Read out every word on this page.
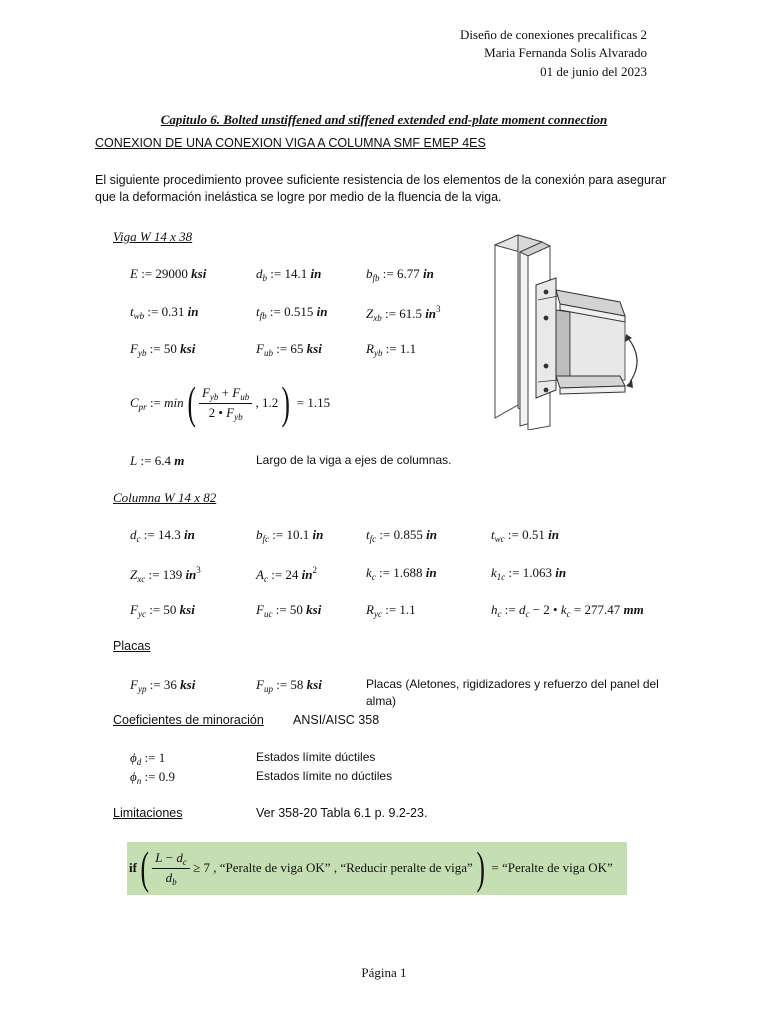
Diseño de conexiones precalificas 2
Maria Fernanda Solis Alvarado
01 de junio del 2023
Capitulo 6. Bolted unstiffened and stiffened extended end-plate moment connection
CONEXION DE UNA CONEXION VIGA A COLUMNA SMF EMEP 4ES
El siguiente procedimiento provee suficiente resistencia de los elementos de la conexión para asegurar que la deformación inelástica se logre por medio de la fluencia de la viga.
Viga W 14 x 38
E := 29000 ksi	$d_b$ := 14.1 in	$b_{fb}$ := 6.77 in
$t_{wb}$ := 0.31 in	$t_{fb}$ := 0.515 in	$Z_{xb}$ := 61.5 $in^3$
$F_{yb}$ := 50 ksi	$F_{ub}$ := 65 ksi	$R_{yb}$ := 1.1
$C_{pr}$ := $\min( \frac{F_{yb} + F_{ub}}{2 • F_{yb}}$ , 1.2) = 1.15
L := 6.4 m	Largo de la viga a ejes de columnas.
Columna W 14 x 82
$d_c$ := 14.3 in	$b_{fc}$ := 10.1 in	$t_{fc}$ := 0.855 in	$t_{wc}$ := 0.51 in
$Z_{xc}$ := 139 $in^3$	$A_c$ := 24 $in^2$	$k_c$ := 1.688 in	$k_{1c}$ := 1.063 in
$F_{yc}$ := 50 ksi	$F_{uc}$ := 50 ksi	$R_{yc}$ := 1.1	$h_c$ := $d_c - 2$ • $k_c = 277.47$ mm
Placas
$F_{yp}$ := 36 ksi	$F_{up}$ := 58 ksi	Placas (Aletones, rigidizadores y refuerzo del panel del alma)
Coeficientes de minoración ANSI/AISC 358
$\phi_d$ := 1	Estados límite dúctiles
$\phi_n$ := 0.9	Estados límite no dúctiles
Limitaciones	Ver 358-20 Tabla 6.1 p. 9.2-23.
$if( \frac{L - d_c}{d_b} \ge 7$ , “Peralte de viga OK” , “Reducir peralte de viga”) = “Peralte de viga OK”
Página 1
